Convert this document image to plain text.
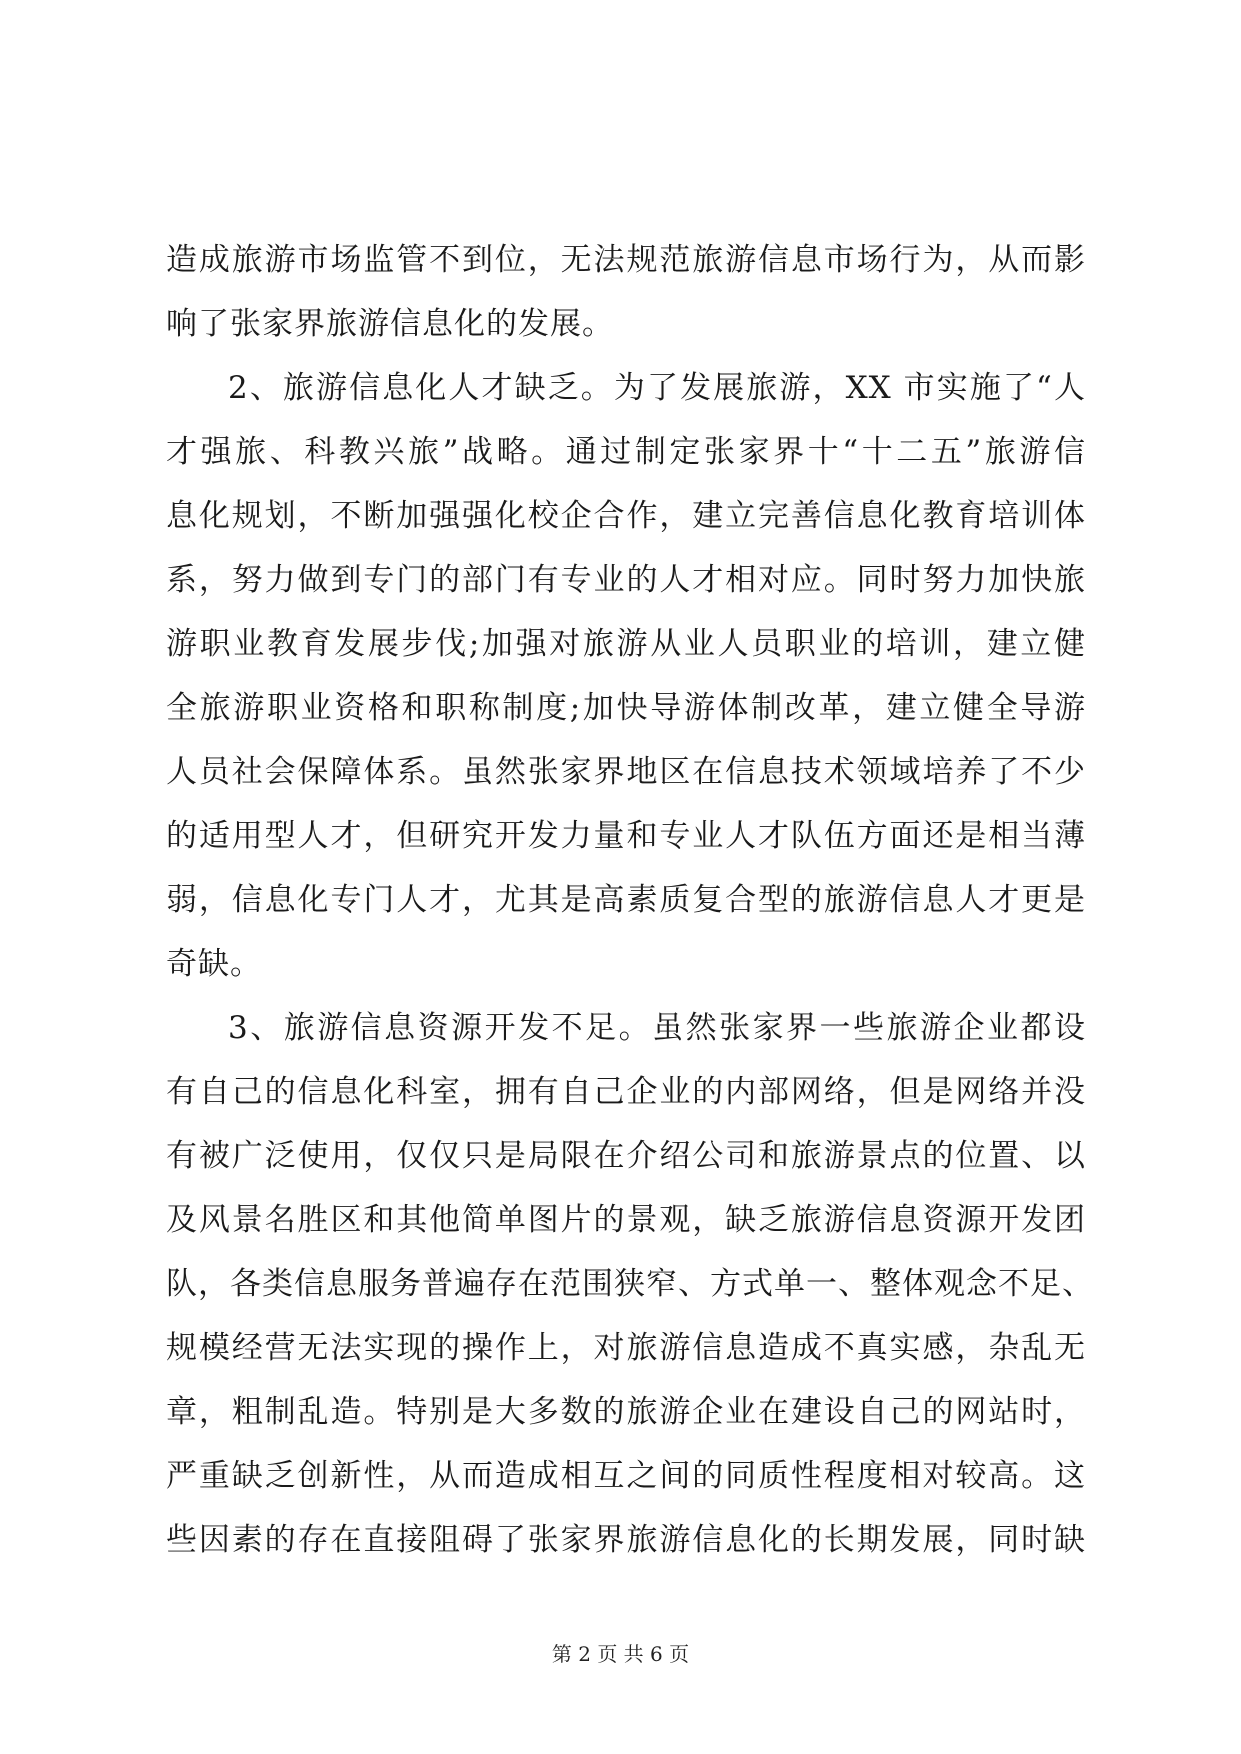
造成旅游市场监管不到位，无法规范旅游信息市场行为，从而影
响了张家界旅游信息化的发展。
2、旅游信息化人才缺乏。为了发展旅游，XX 市实施了“人
才强旅、科教兴旅”战略。通过制定张家界十“十二五”旅游信
息化规划，不断加强强化校企合作，建立完善信息化教育培训体
系，努力做到专门的部门有专业的人才相对应。同时努力加快旅
游职业教育发展步伐;加强对旅游从业人员职业的培训，建立健
全旅游职业资格和职称制度;加快导游体制改革，建立健全导游
人员社会保障体系。虽然张家界地区在信息技术领域培养了不少
的适用型人才，但研究开发力量和专业人才队伍方面还是相当薄
弱，信息化专门人才，尤其是高素质复合型的旅游信息人才更是
奇缺。
3、旅游信息资源开发不足。虽然张家界一些旅游企业都设
有自己的信息化科室，拥有自己企业的内部网络，但是网络并没
有被广泛使用，仅仅只是局限在介绍公司和旅游景点的位置、以
及风景名胜区和其他简单图片的景观，缺乏旅游信息资源开发团
队，各类信息服务普遍存在范围狭窄、方式单一、整体观念不足、
规模经营无法实现的操作上，对旅游信息造成不真实感，杂乱无
章，粗制乱造。特别是大多数的旅游企业在建设自己的网站时，
严重缺乏创新性，从而造成相互之间的同质性程度相对较高。这
些因素的存在直接阻碍了张家界旅游信息化的长期发展，同时缺
第 2 页 共 6 页
